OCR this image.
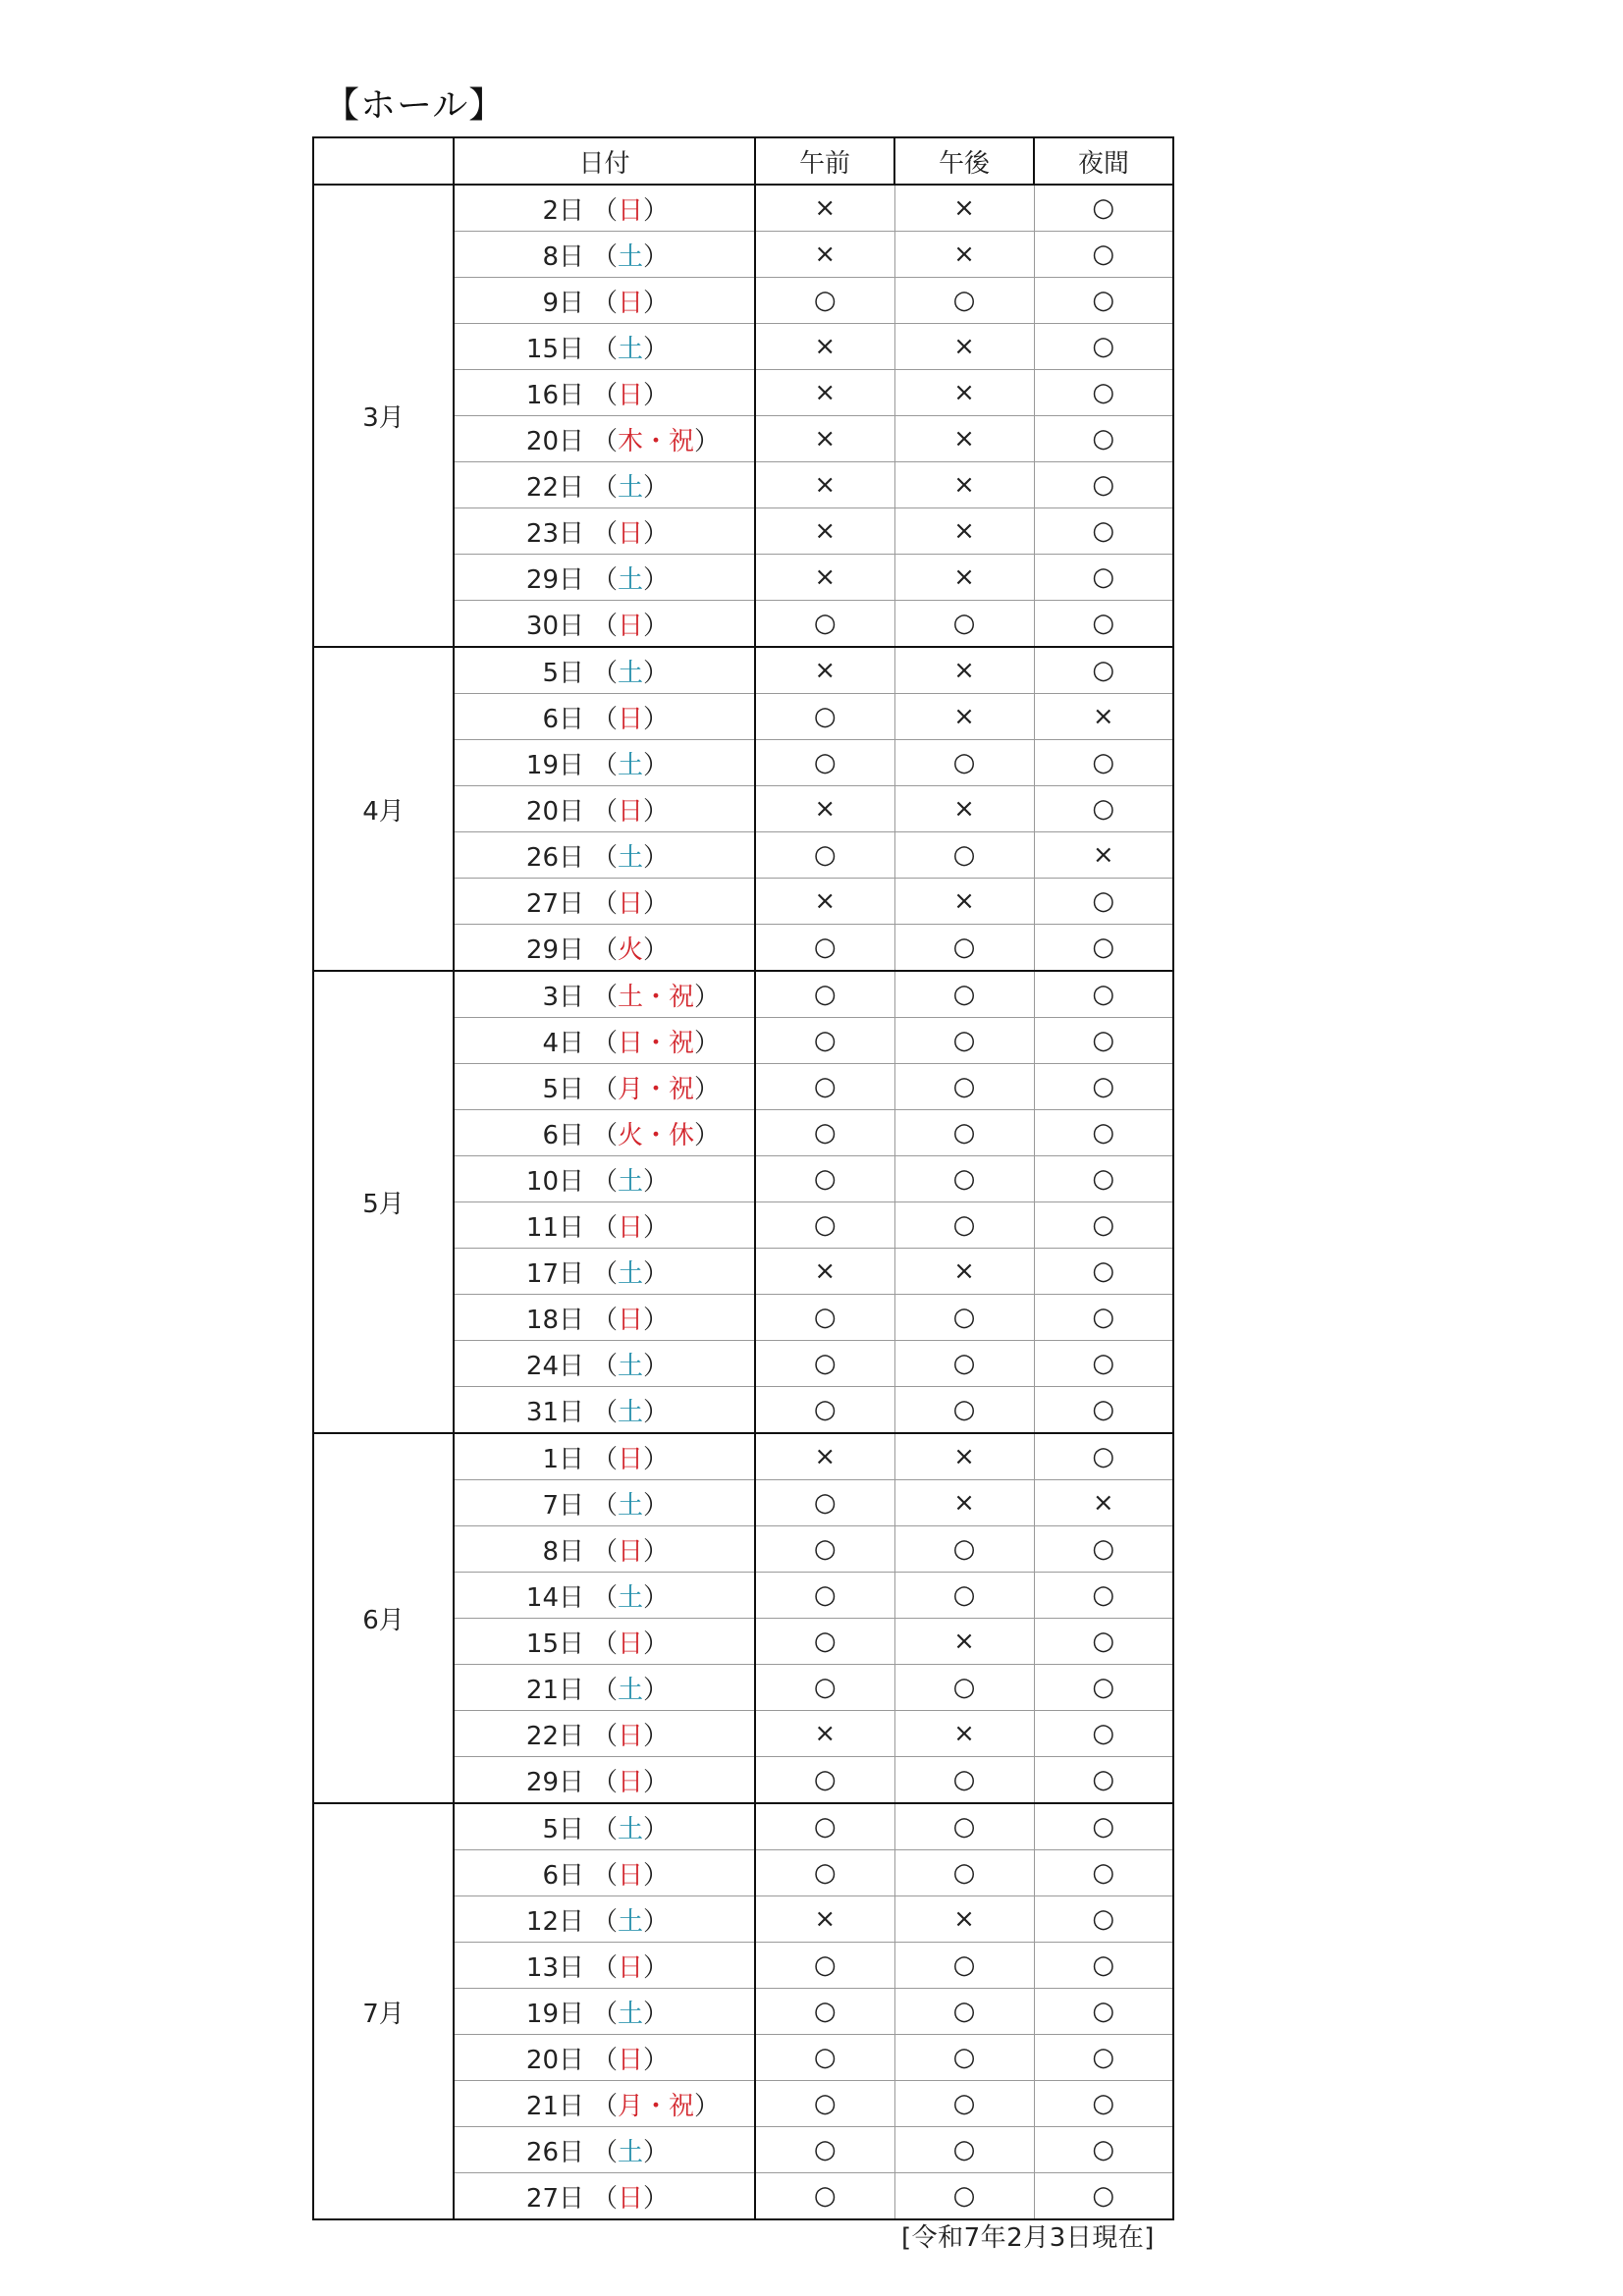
【ホール】
	日付	午前	午後	夜間
3月	2日 （日）	×	×	○
	8日 （土）	×	×	○
	9日 （日）	○	○	○
	15日 （土）	×	×	○
	16日 （日）	×	×	○
	20日 （木・祝）	×	×	○
	22日 （土）	×	×	○
	23日 （日）	×	×	○
	29日 （土）	×	×	○
	30日 （日）	○	○	○
4月	5日 （土）	×	×	○
	6日 （日）	○	×	×
	19日 （土）	○	○	○
	20日 （日）	×	×	○
	26日 （土）	○	○	×
	27日 （日）	×	×	○
	29日 （火）	○	○	○
5月	3日 （土・祝）	○	○	○
	4日 （日・祝）	○	○	○
	5日 （月・祝）	○	○	○
	6日 （火・休）	○	○	○
	10日 （土）	○	○	○
	11日 （日）	○	○	○
	17日 （土）	×	×	○
	18日 （日）	○	○	○
	24日 （土）	○	○	○
	31日 （土）	○	○	○
6月	1日 （日）	×	×	○
	7日 （土）	○	×	×
	8日 （日）	○	○	○
	14日 （土）	○	○	○
	15日 （日）	○	×	○
	21日 （土）	○	○	○
	22日 （日）	×	×	○
	29日 （日）	○	○	○
7月	5日 （土）	○	○	○
	6日 （日）	○	○	○
	12日 （土）	×	×	○
	13日 （日）	○	○	○
	19日 （土）	○	○	○
	20日 （日）	○	○	○
	21日 （月・祝）	○	○	○
	26日 （土）	○	○	○
	27日 （日）	○	○	○
[令和7年2月3日現在]
